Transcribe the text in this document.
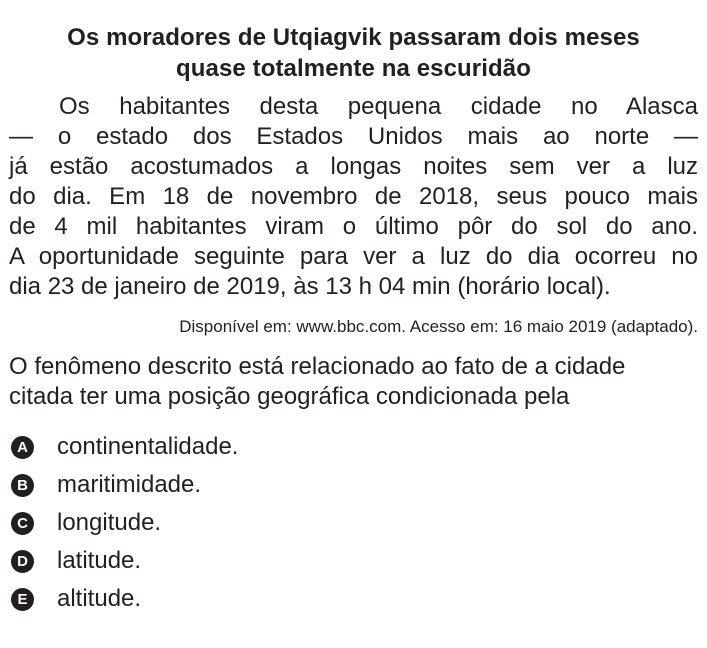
Os moradores de Utqiagvik passaram dois meses
quase totalmente na escuridão
Os habitantes desta pequena cidade no Alasca
— o estado dos Estados Unidos mais ao norte —
já estão acostumados a longas noites sem ver a luz
do dia. Em 18 de novembro de 2018, seus pouco mais
de 4 mil habitantes viram o último pôr do sol do ano.
A oportunidade seguinte para ver a luz do dia ocorreu no
dia 23 de janeiro de 2019, às 13 h 04 min (horário local).

Disponível em: www.bbc.com. Acesso em: 16 maio 2019 (adaptado).

O fenômeno descrito está relacionado ao fato de a cidade
citada ter uma posição geográfica condicionada pela
A continentalidade.
B maritimidade.
C longitude.
D latitude.
E altitude.
